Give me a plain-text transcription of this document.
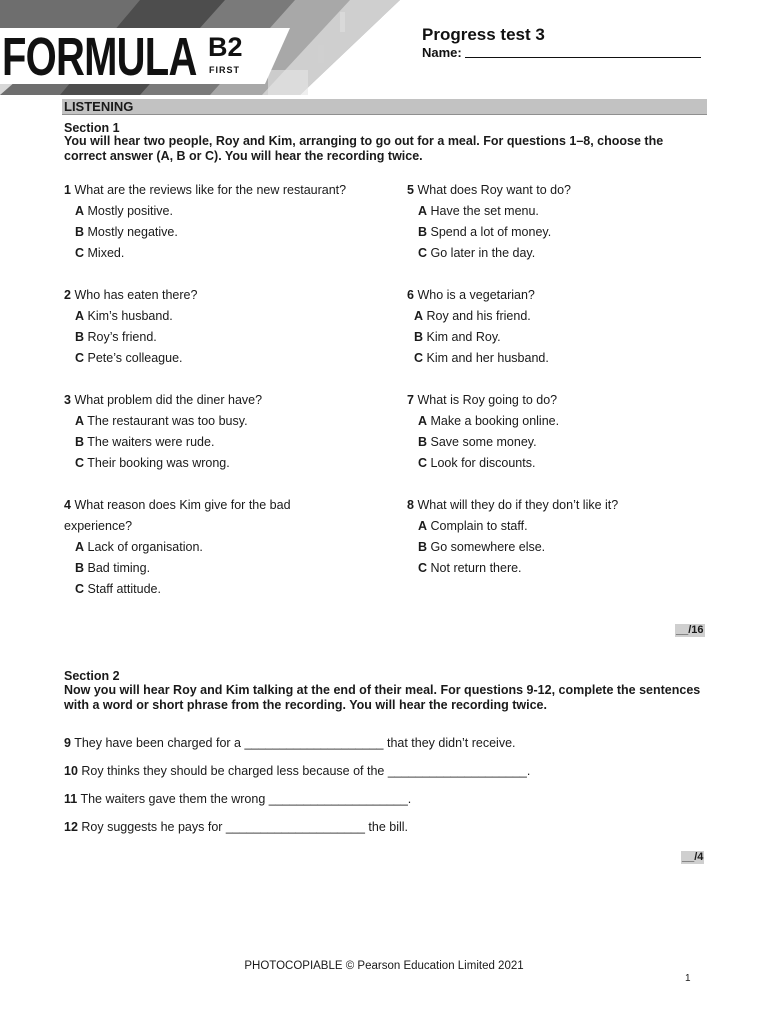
FORMULA B2
FIRST
Progress test 3
Name:
LISTENING
Section 1
You will hear two people, Roy and Kim, arranging to go out for a meal. For questions 1–8, choose the correct answer (A, B or C). You will hear the recording twice.
1 What are the reviews like for the new restaurant?
A Mostly positive.
B Mostly negative.
C Mixed.
2 Who has eaten there?
A Kim’s husband.
B Roy’s friend.
C Pete’s colleague.
3 What problem did the diner have?
A The restaurant was too busy.
B The waiters were rude.
C Their booking was wrong.
4 What reason does Kim give for the bad
experience?
A Lack of organisation.
B Bad timing.
C Staff attitude.
5 What does Roy want to do?
A Have the set menu.
B Spend a lot of money.
C Go later in the day.
6 Who is a vegetarian?
A Roy and his friend.
B Kim and Roy.
C Kim and her husband.
7 What is Roy going to do?
A Make a booking online.
B Save some money.
C Look for discounts.
8 What will they do if they don’t like it?
A Complain to staff.
B Go somewhere else.
C Not return there.
__/16
Section 2
Now you will hear Roy and Kim talking at the end of their meal. For questions 9-12, complete the sentences with a word or short phrase from the recording. You will hear the recording twice.
9 They have been charged for a ____________________ that they didn’t receive.
10 Roy thinks they should be charged less because of the ____________________.
11 The waiters gave them the wrong ____________________.
12 Roy suggests he pays for ____________________ the bill.
__/4
PHOTOCOPIABLE © Pearson Education Limited 2021
1
